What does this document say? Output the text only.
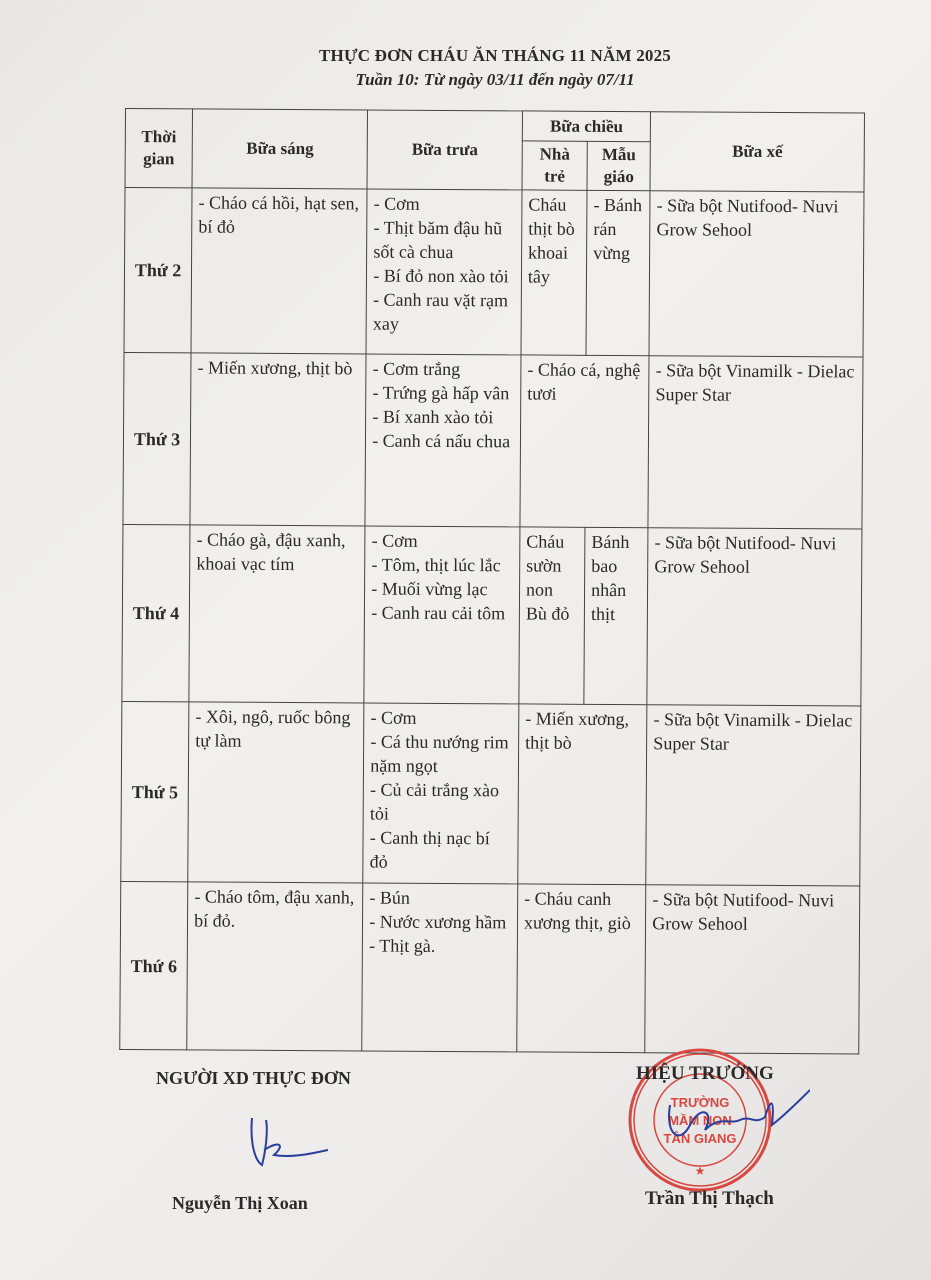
THỰC ĐƠN CHÁU ĂN THÁNG 11 NĂM 2025
Tuần 10: Từ ngày 03/11 đến ngày 07/11
Thời gian	Bữa sáng	Bữa trưa	Bữa chiều		Bữa xế
			Nhà trẻ	Mẫu giáo	
Thứ 2	- Cháo cá hồi, hạt sen, bí đỏ	- Cơm
- Thịt băm đậu hũ sốt cà chua
- Bí đỏ non xào tỏi
- Canh rau vặt rạm xay	Cháu thịt bò khoai tây	- Bánh rán vừng	- Sữa bột Nutifood- Nuvi Grow Sehool
Thứ 3	- Miến xương, thịt bò	- Cơm trắng
- Trứng gà hấp vân
- Bí xanh xào tỏi
- Canh cá nấu chua	- Cháo cá, nghệ tươi		- Sữa bột Vinamilk - Dielac Super Star
Thứ 4	- Cháo gà, đậu xanh, khoai vạc tím	- Cơm
- Tôm, thịt lúc lắc
- Muối vừng lạc
- Canh rau cải tôm	Cháu sườn non Bù đỏ	Bánh bao nhân thịt	- Sữa bột Nutifood- Nuvi Grow Sehool
Thứ 5	- Xôi, ngô, ruốc bông tự làm	- Cơm
- Cá thu nướng rim nặm ngọt
- Củ cải trắng xào tỏi
- Canh thị nạc bí đỏ	- Miến xương, thịt bò		- Sữa bột Vinamilk - Dielac Super Star
Thứ 6	- Cháo tôm, đậu xanh, bí đỏ.	- Bún
- Nước xương hầm
- Thịt gà.	- Cháu canh xương thịt, giò		- Sữa bột Nutifood- Nuvi Grow Sehool
NGƯỜI XD THỰC ĐƠN
Nguyễn Thị Xoan
TRƯỜNG
MẦM NON
TÂN GIANG
★
HIỆU TRƯỞNG
Trần Thị Thạch
